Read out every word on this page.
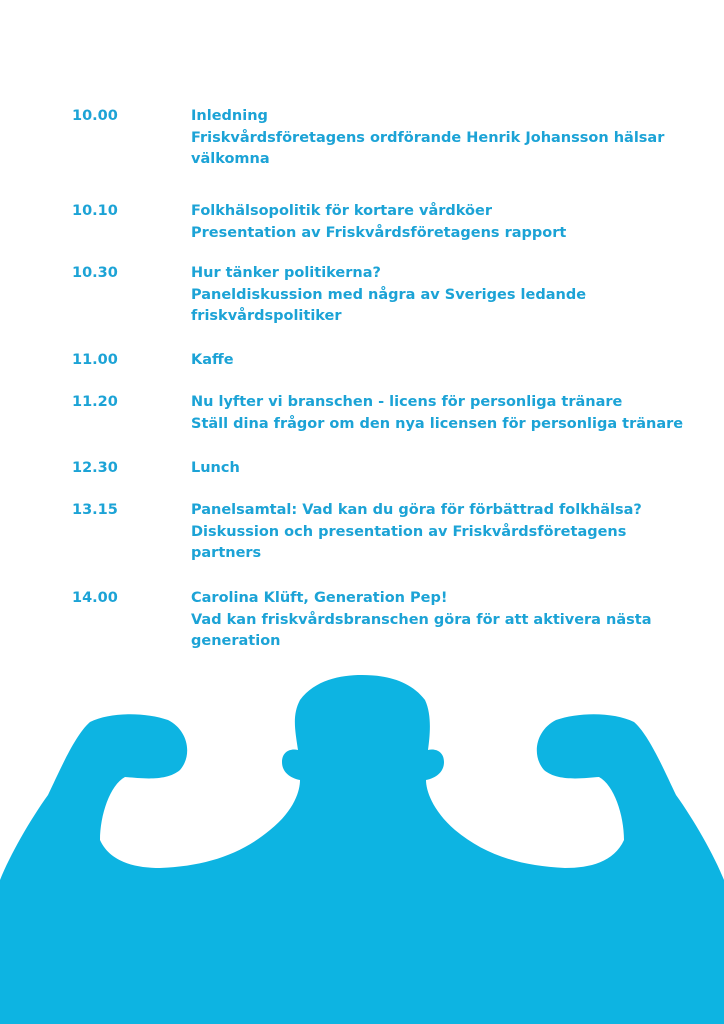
10.00	Inledning
Friskvårdsföretagens ordförande Henrik Johansson hälsar välkomna
10.10	Folkhälsopolitik för kortare vårdköer
Presentation av Friskvårdsföretagens rapport
10.30	Hur tänker politikerna?
Paneldiskussion med några av Sveriges ledande friskvårdspolitiker
11.00	Kaffe
11.20	Nu lyfter vi branschen - licens för personliga tränare
Ställ dina frågor om den nya licensen för personliga tränare
12.30	Lunch
13.15	Panelsamtal: Vad kan du göra för förbättrad folkhälsa?
Diskussion och presentation av Friskvårdsföretagens partners
14.00	Carolina Klüft, Generation Pep!
Vad kan friskvårdsbranschen göra för att aktivera nästa generation
